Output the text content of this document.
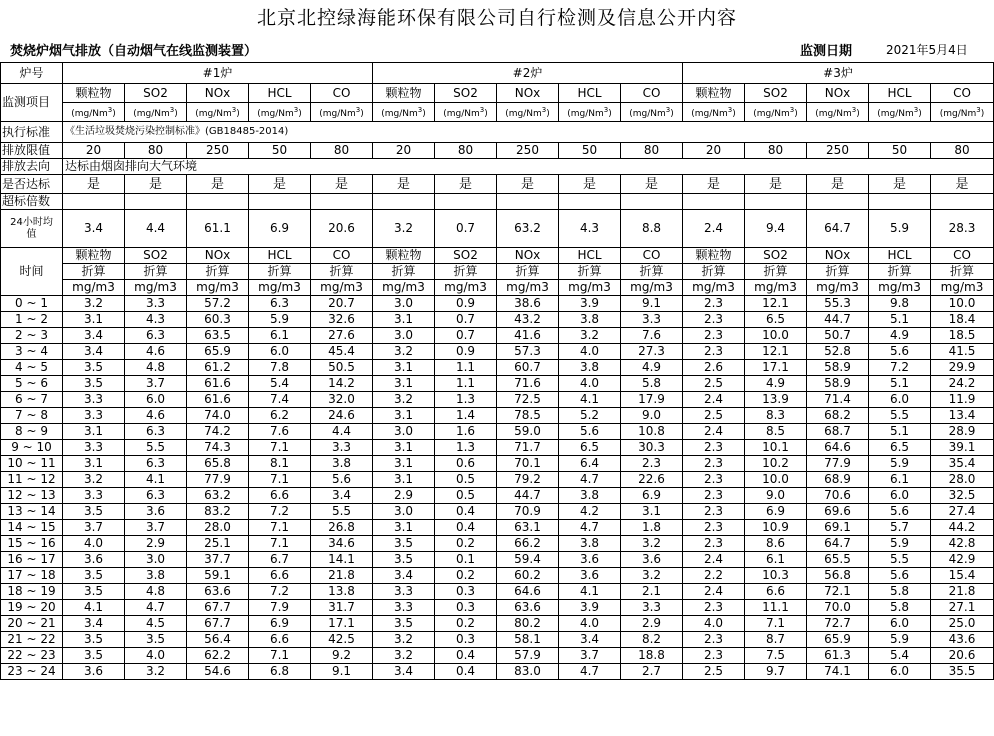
北京北控绿海能环保有限公司自行检测及信息公开内容
焚烧炉烟气排放（自动烟气在线监测装置）	监测日期	2021年5月4日
炉号	#1炉					#2炉					#3炉				
监测项目	颗粒物	SO2	NOx	HCL	CO	颗粒物	SO2	NOx	HCL	CO	颗粒物	SO2	NOx	HCL	CO
	(mg/Nm$^3$)	(mg/Nm$^3$)	(mg/Nm$^3$)	(mg/Nm$^3$)	(mg/Nm$^3$)	(mg/Nm$^3$)	(mg/Nm$^3$)	(mg/Nm$^3$)	(mg/Nm$^3$)	(mg/Nm$^3$)	(mg/Nm$^3$)	(mg/Nm$^3$)	(mg/Nm$^3$)	(mg/Nm$^3$)	(mg/Nm$^3$)
执行标准	《生活垃圾焚烧污染控制标准》(GB18485-2014)														
排放限值	20	80	250	50	80	20	80	250	50	80	20	80	250	50	80
排放去向	达标由烟囱排向大气环境														
是否达标	是	是	是	是	是	是	是	是	是	是	是	是	是	是	是
超标倍数															
24小时均值	3.4	4.4	61.1	6.9	20.6	3.2	0.7	63.2	4.3	8.8	2.4	9.4	64.7	5.9	28.3
时间	颗粒物	SO2	NOx	HCL	CO	颗粒物	SO2	NOx	HCL	CO	颗粒物	SO2	NOx	HCL	CO
	折算	折算	折算	折算	折算	折算	折算	折算	折算	折算	折算	折算	折算	折算	折算
	mg/m3	mg/m3	mg/m3	mg/m3	mg/m3	mg/m3	mg/m3	mg/m3	mg/m3	mg/m3	mg/m3	mg/m3	mg/m3	mg/m3	mg/m3
0 ~ 1	3.2	3.3	57.2	6.3	20.7	3.0	0.9	38.6	3.9	9.1	2.3	12.1	55.3	9.8	10.0
1 ~ 2	3.1	4.3	60.3	5.9	32.6	3.1	0.7	43.2	3.8	3.3	2.3	6.5	44.7	5.1	18.4
2 ~ 3	3.4	6.3	63.5	6.1	27.6	3.0	0.7	41.6	3.2	7.6	2.3	10.0	50.7	4.9	18.5
3 ~ 4	3.4	4.6	65.9	6.0	45.4	3.2	0.9	57.3	4.0	27.3	2.3	12.1	52.8	5.6	41.5
4 ~ 5	3.5	4.8	61.2	7.8	50.5	3.1	1.1	60.7	3.8	4.9	2.6	17.1	58.9	7.2	29.9
5 ~ 6	3.5	3.7	61.6	5.4	14.2	3.1	1.1	71.6	4.0	5.8	2.5	4.9	58.9	5.1	24.2
6 ~ 7	3.3	6.0	61.6	7.4	32.0	3.2	1.3	72.5	4.1	17.9	2.4	13.9	71.4	6.0	11.9
7 ~ 8	3.3	4.6	74.0	6.2	24.6	3.1	1.4	78.5	5.2	9.0	2.5	8.3	68.2	5.5	13.4
8 ~ 9	3.1	6.3	74.2	7.6	4.4	3.0	1.6	59.0	5.6	10.8	2.4	8.5	68.7	5.1	28.9
9 ~ 10	3.3	5.5	74.3	7.1	3.3	3.1	1.3	71.7	6.5	30.3	2.3	10.1	64.6	6.5	39.1
10 ~ 11	3.1	6.3	65.8	8.1	3.8	3.1	0.6	70.1	6.4	2.3	2.3	10.2	77.9	5.9	35.4
11 ~ 12	3.2	4.1	77.9	7.1	5.6	3.1	0.5	79.2	4.7	22.6	2.3	10.0	68.9	6.1	28.0
12 ~ 13	3.3	6.3	63.2	6.6	3.4	2.9	0.5	44.7	3.8	6.9	2.3	9.0	70.6	6.0	32.5
13 ~ 14	3.5	3.6	83.2	7.2	5.5	3.0	0.4	70.9	4.2	3.1	2.3	6.9	69.6	5.6	27.4
14 ~ 15	3.7	3.7	28.0	7.1	26.8	3.1	0.4	63.1	4.7	1.8	2.3	10.9	69.1	5.7	44.2
15 ~ 16	4.0	2.9	25.1	7.1	34.6	3.5	0.2	66.2	3.8	3.2	2.3	8.6	64.7	5.9	42.8
16 ~ 17	3.6	3.0	37.7	6.7	14.1	3.5	0.1	59.4	3.6	3.6	2.4	6.1	65.5	5.5	42.9
17 ~ 18	3.5	3.8	59.1	6.6	21.8	3.4	0.2	60.2	3.6	3.2	2.2	10.3	56.8	5.6	15.4
18 ~ 19	3.5	4.8	63.6	7.2	13.8	3.3	0.3	64.6	4.1	2.1	2.4	6.6	72.1	5.8	21.8
19 ~ 20	4.1	4.7	67.7	7.9	31.7	3.3	0.3	63.6	3.9	3.3	2.3	11.1	70.0	5.8	27.1
20 ~ 21	3.4	4.5	67.7	6.9	17.1	3.5	0.2	80.2	4.0	2.9	4.0	7.1	72.7	6.0	25.0
21 ~ 22	3.5	3.5	56.4	6.6	42.5	3.2	0.3	58.1	3.4	8.2	2.3	8.7	65.9	5.9	43.6
22 ~ 23	3.5	4.0	62.2	7.1	9.2	3.2	0.4	57.9	3.7	18.8	2.3	7.5	61.3	5.4	20.6
23 ~ 24	3.6	3.2	54.6	6.8	9.1	3.4	0.4	83.0	4.7	2.7	2.5	9.7	74.1	6.0	35.5
